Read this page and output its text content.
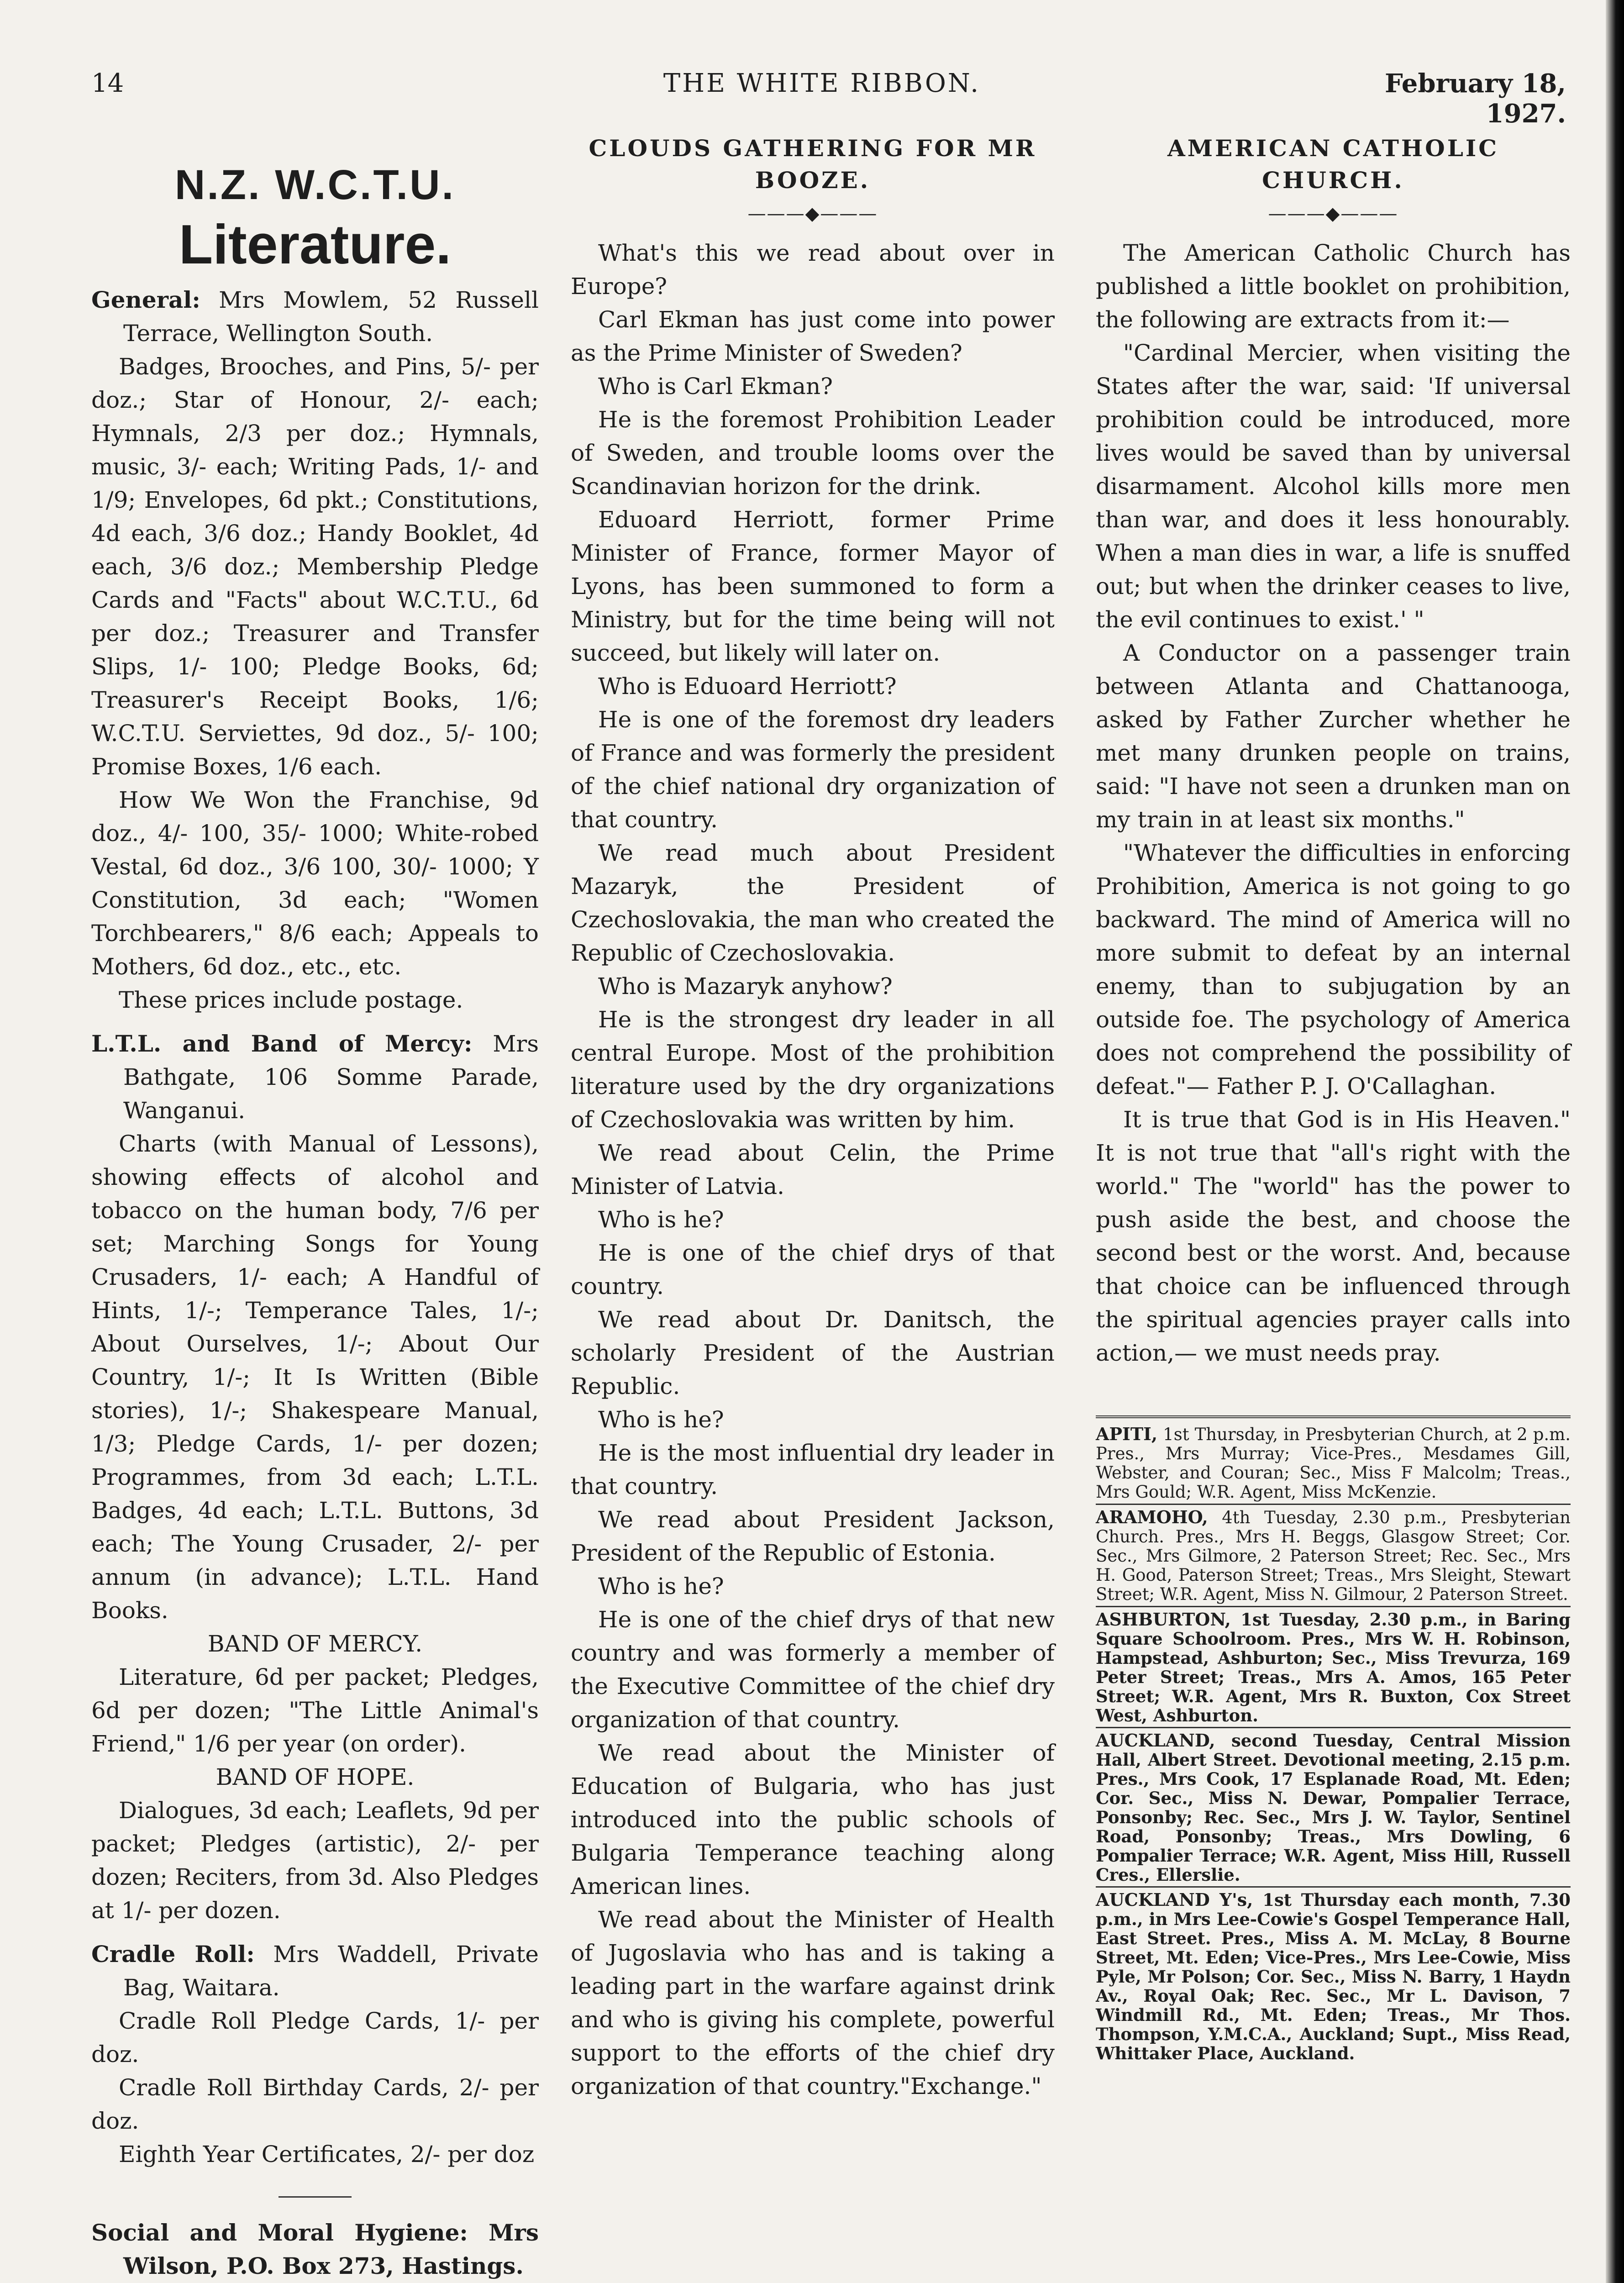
14	THE WHITE RIBBON.	February 18, 1927.
N.Z. W.C.T.U.
Literature.

General: Mrs Mowlem, 52 Russell Terrace, Wellington South.

Badges, Brooches, and Pins, 5/- per doz.; Star of Honour, 2/- each; Hymnals, 2/3 per doz.; Hymnals, music, 3/- each; Writing Pads, 1/- and 1/9; Envelopes, 6d pkt.; Constitutions, 4d each, 3/6 doz.; Handy Booklet, 4d each, 3/6 doz.; Membership Pledge Cards and "Facts" about W.C.T.U., 6d per doz.; Treasurer and Transfer Slips, 1/- 100; Pledge Books, 6d; Treasurer's Receipt Books, 1/6; W.C.T.U. Serviettes, 9d doz., 5/- 100; Promise Boxes, 1/6 each.

How We Won the Franchise, 9d doz., 4/- 100, 35/- 1000; White-robed Vestal, 6d doz., 3/6 100, 30/- 1000; Y Constitution, 3d each; "Women Torchbearers," 8/6 each; Appeals to Mothers, 6d doz., etc., etc.

These prices include postage.

L.T.L. and Band of Mercy: Mrs Bathgate, 106 Somme Parade, Wanganui.

Charts (with Manual of Lessons), showing effects of alcohol and tobacco on the human body, 7/6 per set; Marching Songs for Young Crusaders, 1/- each; A Handful of Hints, 1/-; Temperance Tales, 1/-; About Ourselves, 1/-; About Our Country, 1/-; It Is Written (Bible stories), 1/-; Shakespeare Manual, 1/3; Pledge Cards, 1/- per dozen; Programmes, from 3d each; L.T.L. Badges, 4d each; L.T.L. Buttons, 3d each; The Young Crusader, 2/- per annum (in advance); L.T.L. Hand Books.

BAND OF MERCY.

Literature, 6d per packet; Pledges, 6d per dozen; "The Little Animal's Friend," 1/6 per year (on order).

BAND OF HOPE.

Dialogues, 3d each; Leaflets, 9d per packet; Pledges (artistic), 2/- per dozen; Reciters, from 3d. Also Pledges at 1/- per dozen.

Cradle Roll: Mrs Waddell, Private Bag, Waitara.

Cradle Roll Pledge Cards, 1/- per doz.

Cradle Roll Birthday Cards, 2/- per doz.

Eighth Year Certificates, 2/- per doz

Social and Moral Hygiene: Mrs Wilson, P.O. Box 273, Hastings.

CLOUDS GATHERING FOR MR BOOZE.
———◆———

What's this we read about over in Europe?

Carl Ekman has just come into power as the Prime Minister of Sweden?

Who is Carl Ekman?

He is the foremost Prohibition Leader of Sweden, and trouble looms over the Scandinavian horizon for the drink.

Eduoard Herriott, former Prime Minister of France, former Mayor of Lyons, has been summoned to form a Ministry, but for the time being will not succeed, but likely will later on.

Who is Eduoard Herriott?

He is one of the foremost dry leaders of France and was formerly the president of the chief national dry organization of that country.

We read much about President Mazaryk, the President of Czechoslovakia, the man who created the Republic of Czechoslovakia.

Who is Mazaryk anyhow?

He is the strongest dry leader in all central Europe. Most of the prohibition literature used by the dry organizations of Czechoslovakia was written by him.

We read about Celin, the Prime Minister of Latvia.

Who is he?

He is one of the chief drys of that country.

We read about Dr. Danitsch, the scholarly President of the Austrian Republic.

Who is he?

He is the most influential dry leader in that country.

We read about President Jackson, President of the Republic of Estonia.

Who is he?

He is one of the chief drys of that new country and was formerly a member of the Executive Committee of the chief dry organization of that country.

We read about the Minister of Education of Bulgaria, who has just introduced into the public schools of Bulgaria Temperance teaching along American lines.

We read about the Minister of Health of Jugoslavia who has and is taking a leading part in the warfare against drink and who is giving his complete, powerful support to the efforts of the chief dry organization of that country."Exchange."

AMERICAN CATHOLIC CHURCH.
———◆———

The American Catholic Church has published a little booklet on prohibition, the following are extracts from it:—

"Cardinal Mercier, when visiting the States after the war, said: 'If universal prohibition could be introduced, more lives would be saved than by universal disarmament. Alcohol kills more men than war, and does it less honourably. When a man dies in war, a life is snuffed out; but when the drinker ceases to live, the evil continues to exist.' "

A Conductor on a passenger train between Atlanta and Chattanooga, asked by Father Zurcher whether he met many drunken people on trains, said: "I have not seen a drunken man on my train in at least six months."

"Whatever the difficulties in enforcing Prohibition, America is not going to go backward. The mind of America will no more submit to defeat by an internal enemy, than to subjugation by an outside foe. The psychology of America does not comprehend the possibility of defeat."— Father P. J. O'Callaghan.

It is true that God is in His Heaven." It is not true that "all's right with the world." The "world" has the power to push aside the best, and choose the second best or the worst. And, because that choice can be influenced through the spiritual agencies prayer calls into action,— we must needs pray.

APITI, 1st Thursday, in Presbyterian Church, at 2 p.m. Pres., Mrs Murray; Vice-Pres., Mesdames Gill, Webster, and Couran; Sec., Miss F Malcolm; Treas., Mrs Gould; W.R. Agent, Miss McKenzie.

ARAMOHO, 4th Tuesday, 2.30 p.m., Presbyterian Church. Pres., Mrs H. Beggs, Glasgow Street; Cor. Sec., Mrs Gilmore, 2 Paterson Street; Rec. Sec., Mrs H. Good, Paterson Street; Treas., Mrs Sleight, Stewart Street; W.R. Agent, Miss N. Gilmour, 2 Paterson Street.

ASHBURTON, 1st Tuesday, 2.30 p.m., in Baring Square Schoolroom. Pres., Mrs W. H. Robinson, Hampstead, Ashburton; Sec., Miss Trevurza, 169 Peter Street; Treas., Mrs A. Amos, 165 Peter Street; W.R. Agent, Mrs R. Buxton, Cox Street West, Ashburton.

AUCKLAND, second Tuesday, Central Mission Hall, Albert Street. Devotional meeting, 2.15 p.m. Pres., Mrs Cook, 17 Esplanade Road, Mt. Eden; Cor. Sec., Miss N. Dewar, Pompalier Terrace, Ponsonby; Rec. Sec., Mrs J. W. Taylor, Sentinel Road, Ponsonby; Treas., Mrs Dowling, 6 Pompalier Terrace; W.R. Agent, Miss Hill, Russell Cres., Ellerslie.

AUCKLAND Y's, 1st Thursday each month, 7.30 p.m., in Mrs Lee-Cowie's Gospel Temperance Hall, East Street. Pres., Miss A. M. McLay, 8 Bourne Street, Mt. Eden; Vice-Pres., Mrs Lee-Cowie, Miss Pyle, Mr Polson; Cor. Sec., Miss N. Barry, 1 Haydn Av., Royal Oak; Rec. Sec., Mr L. Davison, 7 Windmill Rd., Mt. Eden; Treas., Mr Thos. Thompson, Y.M.C.A., Auckland; Supt., Miss Read, Whittaker Place, Auckland.
